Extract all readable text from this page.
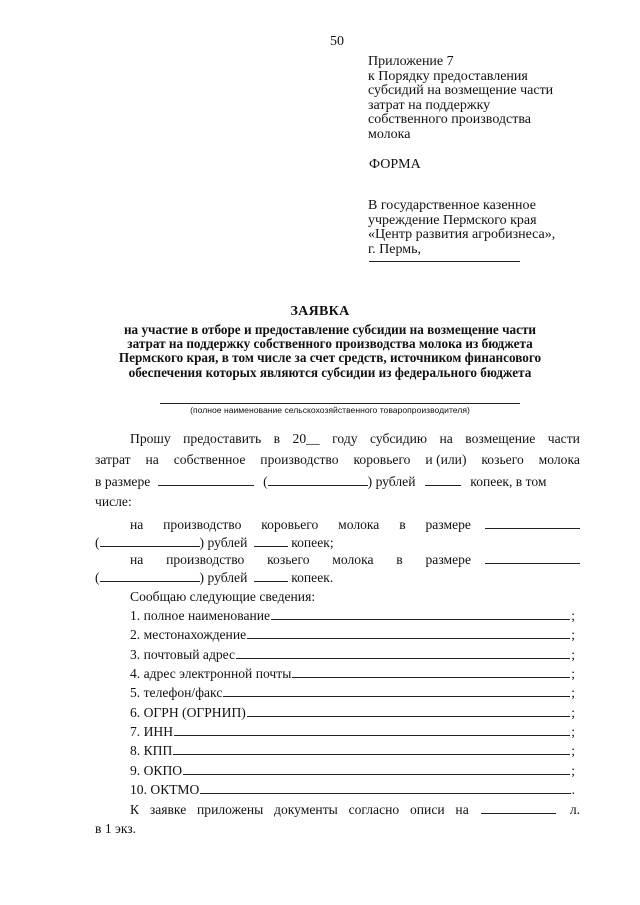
50
Приложение 7
к Порядку предоставления
субсидий на возмещение части
затрат на поддержку
собственного производства
молока
ФОРМА
В государственное казенное
учреждение Пермского края
«Центр развития агробизнеса»,
г. Пермь,
ЗАЯВКА
на участие в отборе и предоставление субсидии на возмещение части
затрат на поддержку собственного производства молока из бюджета
Пермского края, в том числе за счет средств, источником финансового
обеспечения которых являются субсидии из федерального бюджета
(полное наименование сельскохозяйственного товаропроизводителя)
Прошу предоставить в 20__ году субсидию на возмещение части
затрат на собственное производство коровьего и (или) козьего молока
в размере	(	) рублей	копеек, в том
числе:
на производство коровьего молока в размере
(	) рублей	копеек;
на производство козьего молока в размере
(	) рублей	копеек.
Сообщаю следующие сведения:
1. полное наименование	;
2. местонахождение	;
3. почтовый адрес	;
4. адрес электронной почты	;
5. телефон/факс	;
6. ОГРН (ОГРНИП)	;
7. ИНН	;
8. КПП	;
9. ОКПО	;
10. ОКТМО	.
К заявке приложены документы согласно описи на	л.
в 1 экз.
